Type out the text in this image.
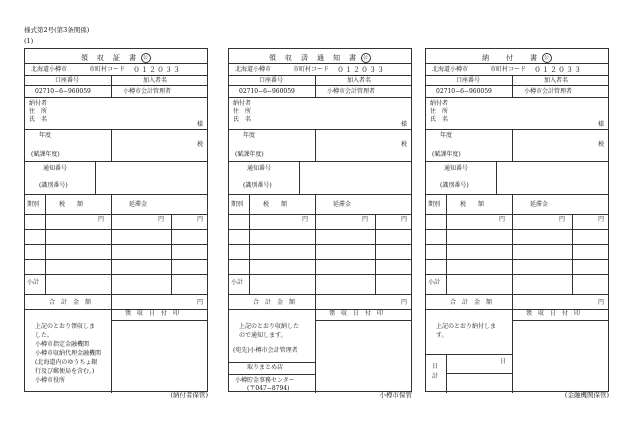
様式第2号(第3条関係)
(1)
領　収　証　書 公
北海道小樽市	市町村コード ０１２０３３
口座番号	加入者名
02710−6−960059	小樽市会計管理者
納付者
住　所
氏　名
様
年度
税
(賦課年度)
通知番号
(識別番号)
期別	税　　額	延滞金
円	円	円
小計
合　計　金　額	円
領　収　日　付　印
上記のとおり領収しま
した。
小樽市指定金融機関
小樽市収納代理金融機関
(北海道内のゆうちょ銀
行及び郵便局を含む。)
小樽市役所
(納付者保管)
領　収　済　通　知　書 公
北海道小樽市	市町村コード ０１２０３３
口座番号	加入者名
02710−6−960059	小樽市会計管理者
納付者
住　所
氏　名
様
年度
税
(賦課年度)
通知番号
(識別番号)
期別	税　　額	延滞金
円	円	円
小計
合　計　金　額	円
領　収　日　付　印
上記のとおり収納した
ので通知します。
(宛先)小樽市会計管理者
取りまとめ店
小樽貯金事務センター
(〒047−8794)
小樽市保管
納　　付　　書 公
北海道小樽市	市町村コード ０１２０３３
口座番号	加入者名
02710−6−960059	小樽市会計管理者
納付者
住　所
氏　名
様
年度
税
(賦課年度)
通知番号
(識別番号)
期別	税　　額	延滞金
円	円	円
小計
合　計　金　額	円
領　収　日　付　印
上記のとおり納付しま
す。
日
計
日
(金融機関保管)
